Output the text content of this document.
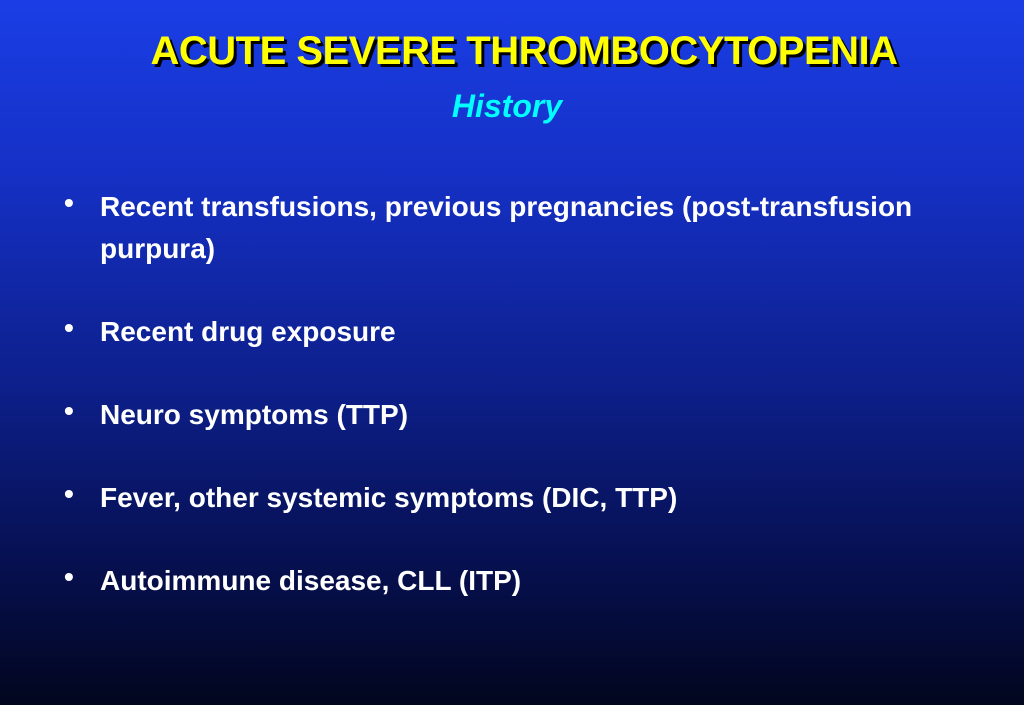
ACUTE SEVERE THROMBOCYTOPENIA
History
• Recent transfusions, previous pregnancies (post-transfusion purpura)
• Recent drug exposure
• Neuro symptoms (TTP)
• Fever, other systemic symptoms (DIC, TTP)
• Autoimmune disease, CLL (ITP)
